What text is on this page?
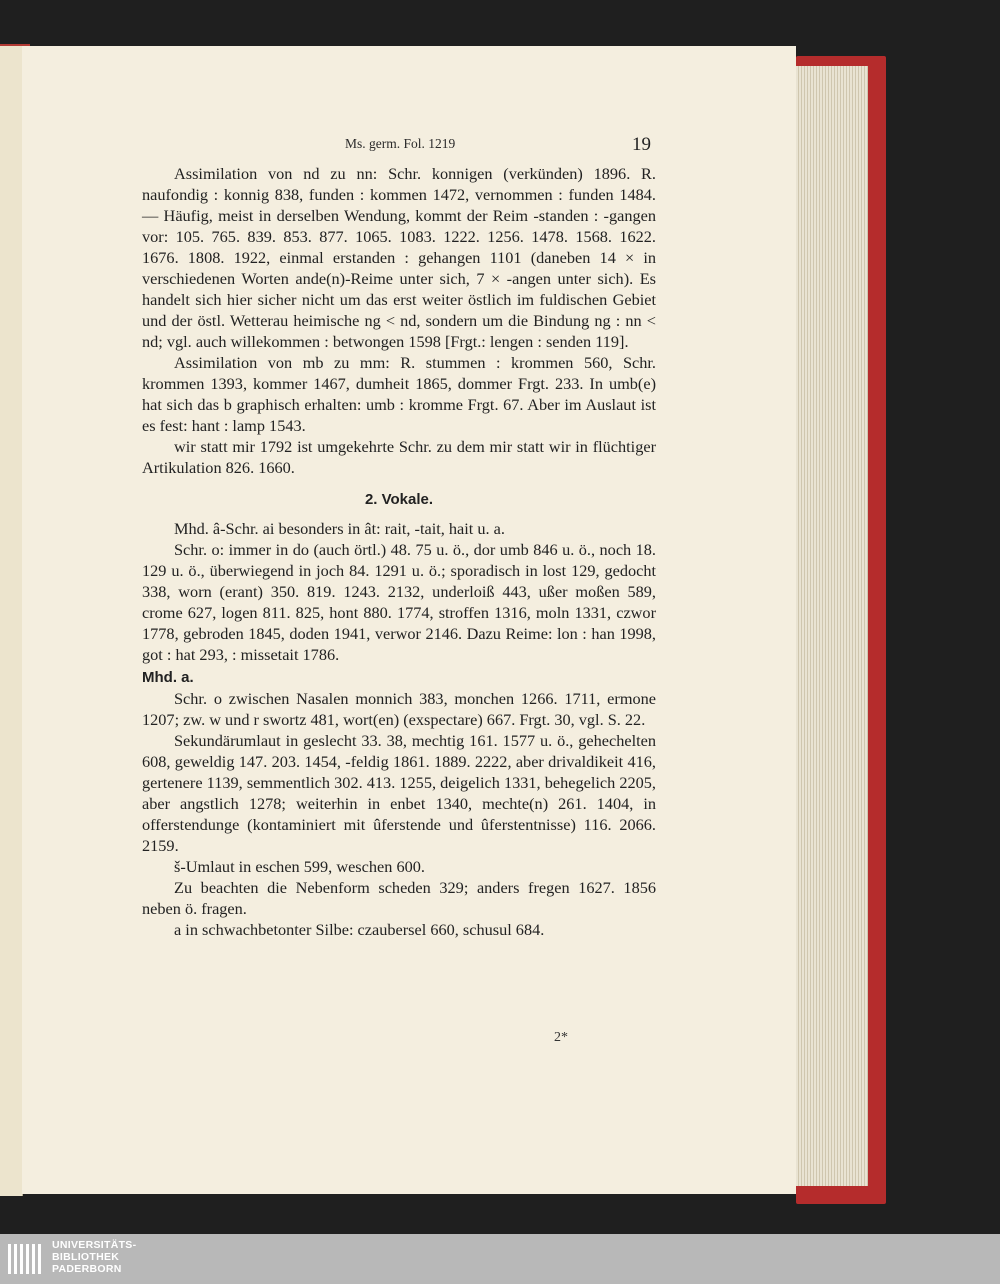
Ms. germ. Fol. 1219	19

Assimilation von nd zu nn: Schr. konnigen (verkünden) 1896. R. naufondig : konnig 838, funden : kommen 1472, vernommen : funden 1484. — Häufig, meist in derselben Wendung, kommt der Reim -standen : -gangen vor: 105. 765. 839. 853. 877. 1065. 1083. 1222. 1256. 1478. 1568. 1622. 1676. 1808. 1922, einmal erstanden : gehangen 1101 (daneben 14 × in verschiedenen Worten ande(n)-Reime unter sich, 7 × -angen unter sich). Es handelt sich hier sicher nicht um das erst weiter östlich im fuldischen Gebiet und der östl. Wetterau heimische ng < nd, sondern um die Bindung ng : nn < nd; vgl. auch willekommen : betwongen 1598 [Frgt.: lengen : senden 119].

Assimilation von mb zu mm: R. stummen : krommen 560, Schr. krommen 1393, kommer 1467, dumheit 1865, dommer Frgt. 233. In umb(e) hat sich das b graphisch erhalten: umb : kromme Frgt. 67. Aber im Auslaut ist es fest: hant : lamp 1543.

wir statt mir 1792 ist umgekehrte Schr. zu dem mir statt wir in flüchtiger Artikulation 826. 1660.

2. Vokale.

Mhd. â-Schr. ai besonders in ât: rait, -tait, hait u. a.

Schr. o: immer in do (auch örtl.) 48. 75 u. ö., dor umb 846 u. ö., noch 18. 129 u. ö., überwiegend in joch 84. 1291 u. ö.; sporadisch in lost 129, gedocht 338, worn (erant) 350. 819. 1243. 2132, underloiß 443, ußer moßen 589, crome 627, logen 811. 825, hont 880. 1774, stroffen 1316, moln 1331, czwor 1778, gebroden 1845, doden 1941, verwor 2146. Dazu Reime: lon : han 1998, got : hat 293, : missetait 1786.

Mhd. a.

Schr. o zwischen Nasalen monnich 383, monchen 1266. 1711, ermone 1207; zw. w und r swortz 481, wort(en) (exspectare) 667. Frgt. 30, vgl. S. 22.

Sekundärumlaut in geslecht 33. 38, mechtig 161. 1577 u. ö., gehechelten 608, geweldig 147. 203. 1454, -feldig 1861. 1889. 2222, aber drivaldikeit 416, gertenere 1139, semmentlich 302. 413. 1255, deigelich 1331, behegelich 2205, aber angstlich 1278; weiterhin in enbet 1340, mechte(n) 261. 1404, in offerstendunge (kontaminiert mit ûferstende und ûferstentnisse) 116. 2066. 2159.

š-Umlaut in eschen 599, weschen 600.

Zu beachten die Nebenform scheden 329; anders fregen 1627. 1856 neben ö. fragen.

a in schwachbetonter Silbe: czaubersel 660, schusul 684.

2*
UNIVERSITÄTS-
BIBLIOTHEK
PADERBORN
